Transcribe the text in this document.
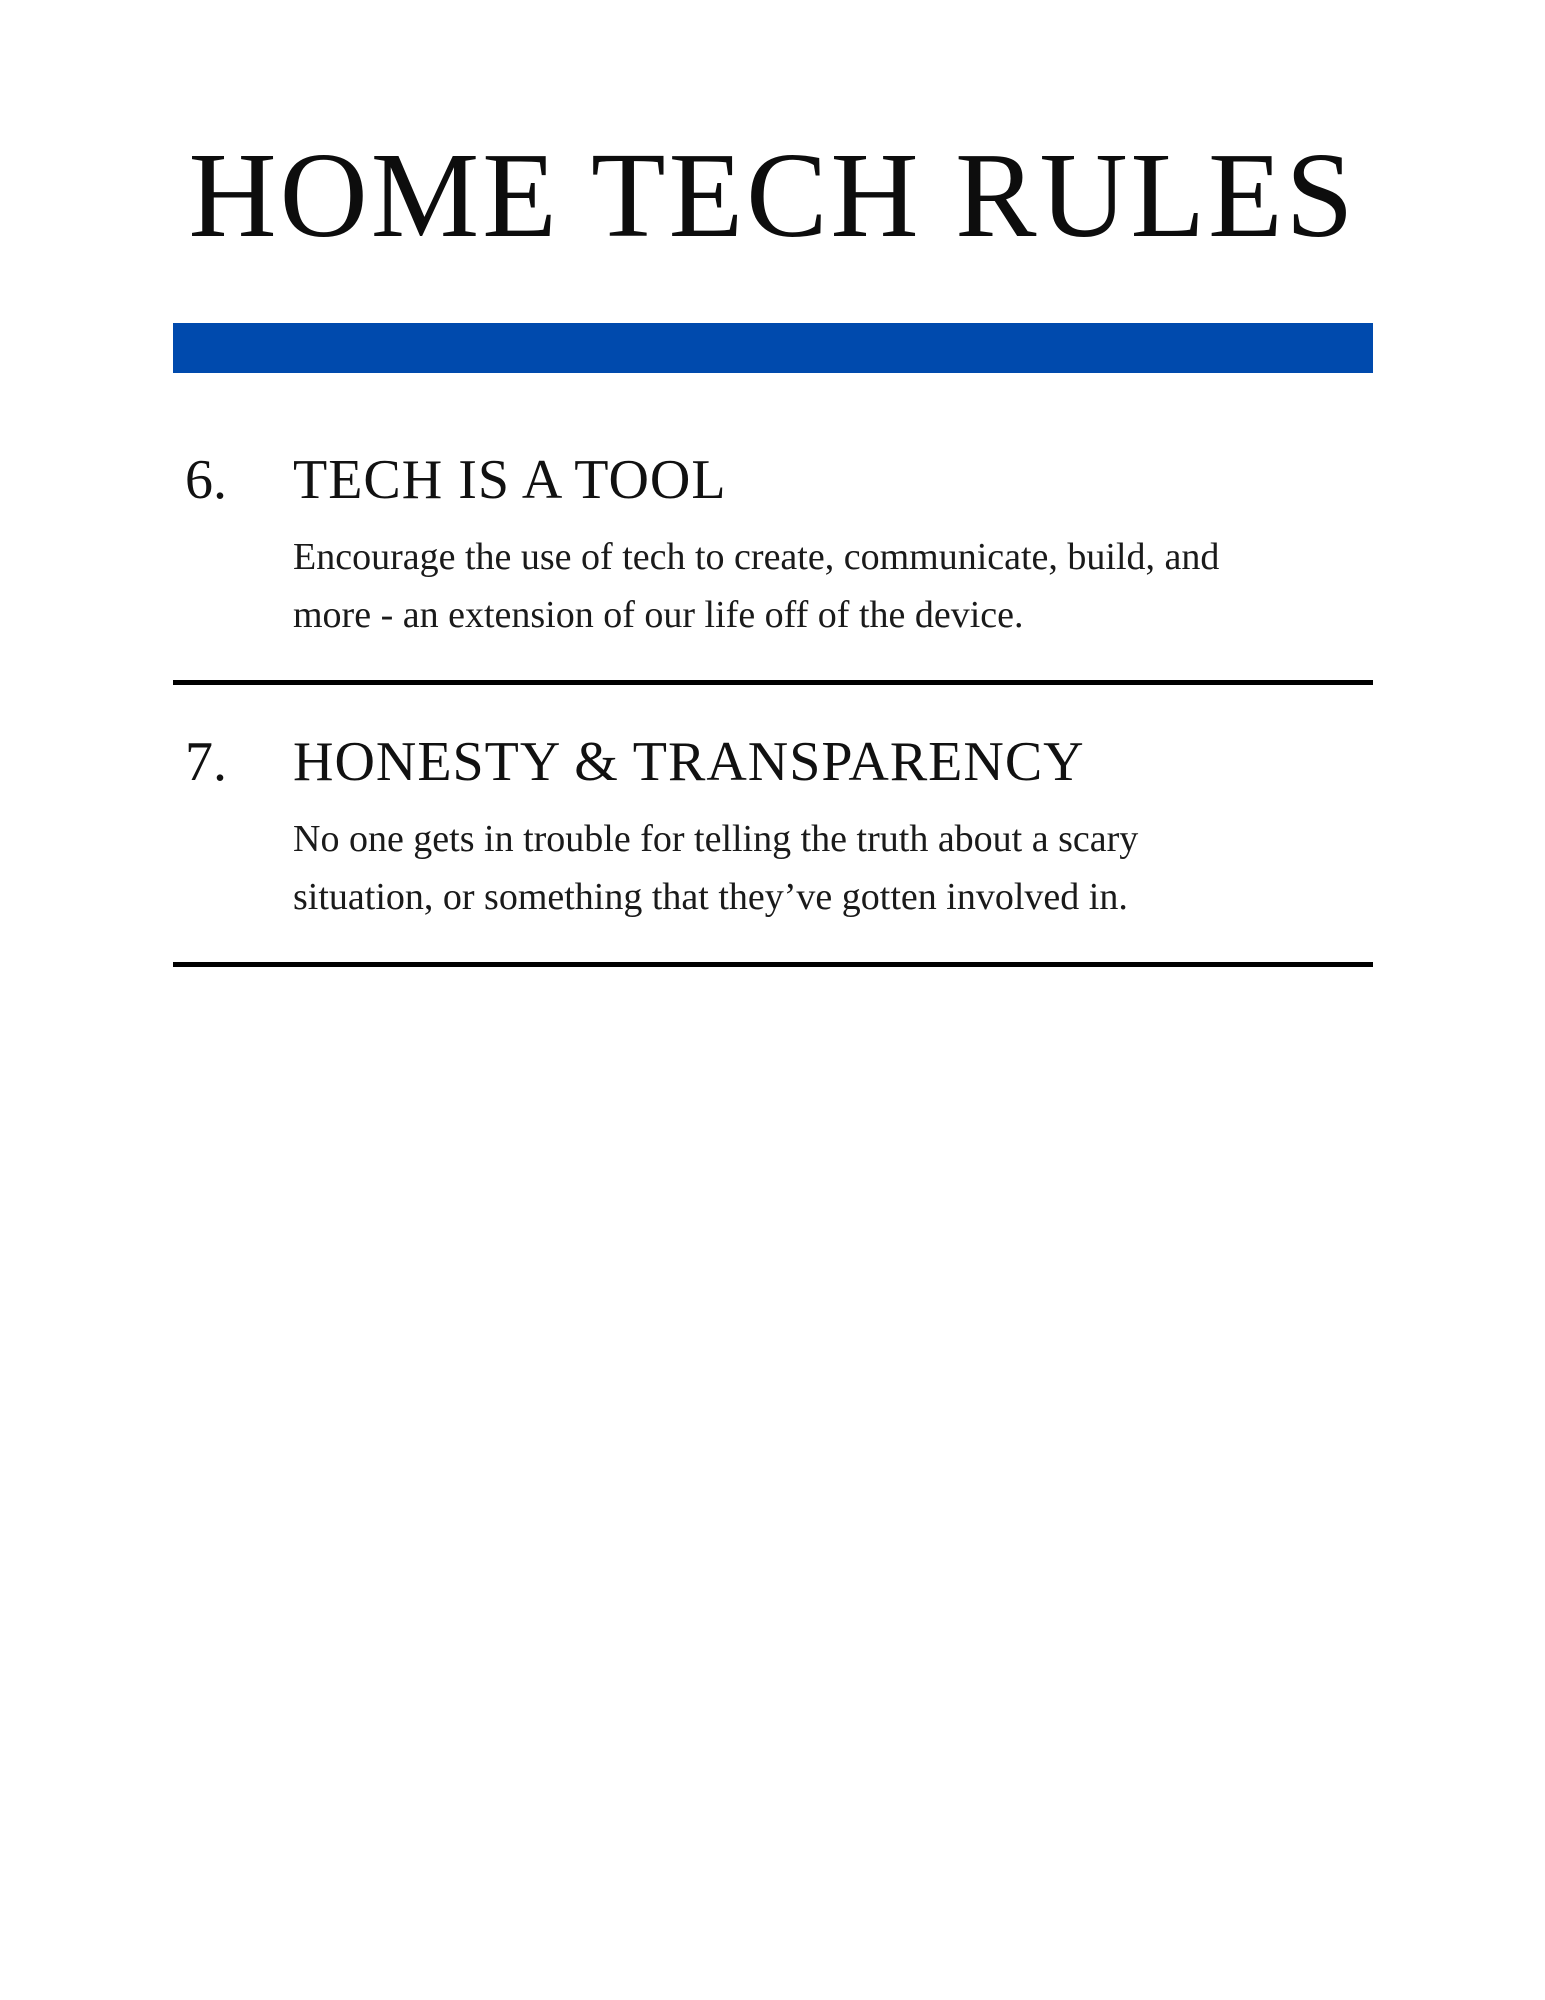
HOME TECH RULES
6. TECH IS A TOOL
Encourage the use of tech to create, communicate, build, and
more - an extension of our life off of the device.
7. HONESTY & TRANSPARENCY
No one gets in trouble for telling the truth about a scary
situation, or something that they’ve gotten involved in.
